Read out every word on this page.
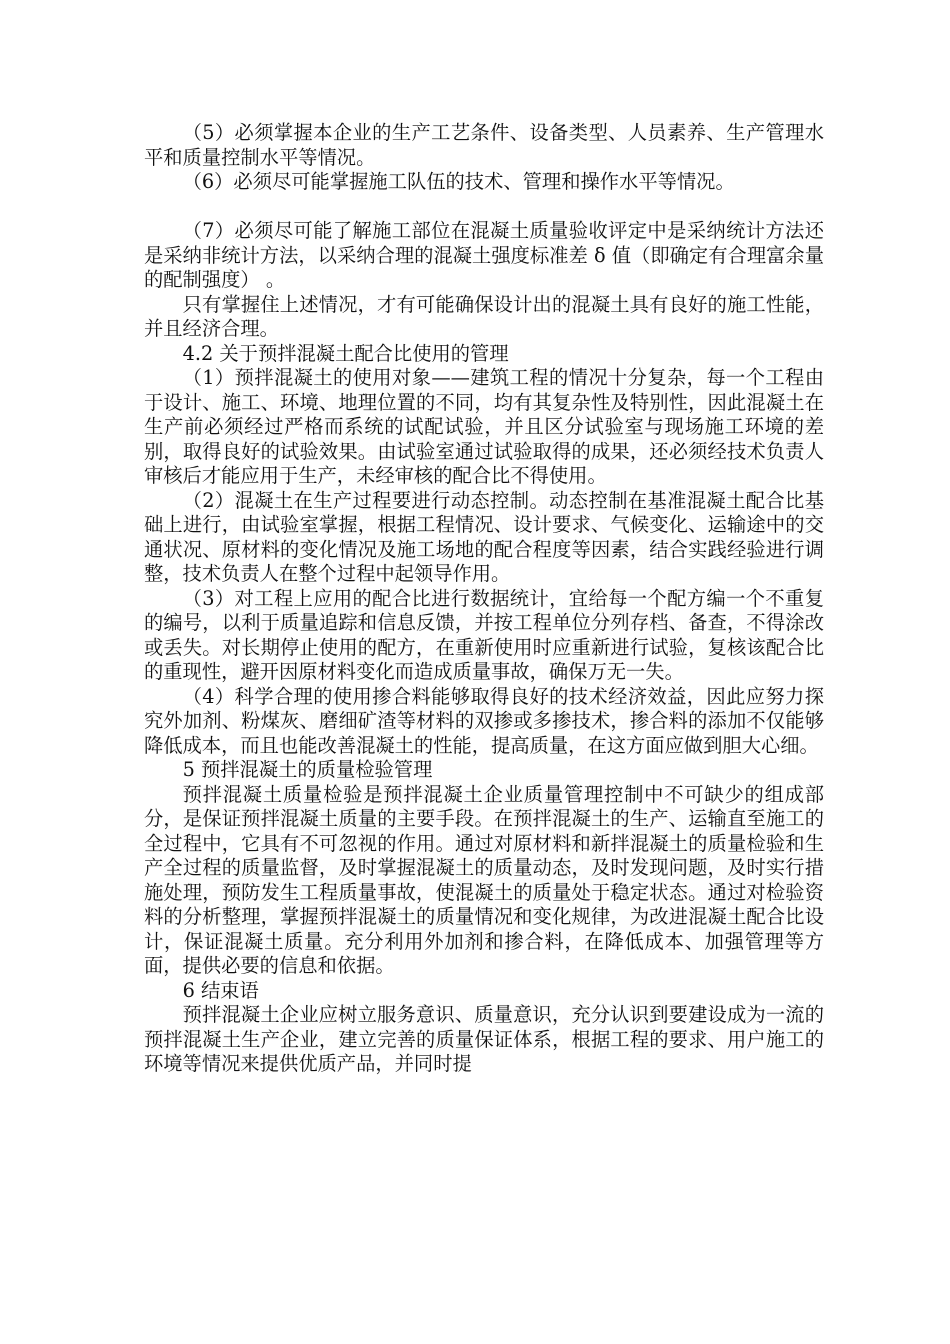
（5）必须掌握本企业的生产工艺条件、设备类型、人员素养、生产管理水平和质量控制水平等情况。

（6）必须尽可能掌握施工队伍的技术、管理和操作水平等情况。

（7）必须尽可能了解施工部位在混凝土质量验收评定中是采纳统计方法还是采纳非统计方法，以采纳合理的混凝土强度标准差 δ 值（即确定有合理富余量的配制强度） 。

只有掌握住上述情况，才有可能确保设计出的混凝土具有良好的施工性能，并且经济合理。

4.2 关于预拌混凝土配合比使用的管理

（1）预拌混凝土的使用对象——建筑工程的情况十分复杂，每一个工程由于设计、施工、环境、地理位置的不同，均有其复杂性及特别性，因此混凝土在生产前必须经过严格而系统的试配试验，并且区分试验室与现场施工环境的差别，取得良好的试验效果。由试验室通过试验取得的成果，还必须经技术负责人审核后才能应用于生产，未经审核的配合比不得使用。

（2）混凝土在生产过程要进行动态控制。动态控制在基准混凝土配合比基础上进行，由试验室掌握，根据工程情况、设计要求、气候变化、运输途中的交通状况、原材料的变化情况及施工场地的配合程度等因素，结合实践经验进行调整，技术负责人在整个过程中起领导作用。

（3）对工程上应用的配合比进行数据统计，宜给每一个配方编一个不重复的编号，以利于质量追踪和信息反馈，并按工程单位分列存档、备查，不得涂改或丢失。对长期停止使用的配方，在重新使用时应重新进行试验，复核该配合比的重现性，避开因原材料变化而造成质量事故，确保万无一失。

（4）科学合理的使用掺合料能够取得良好的技术经济效益，因此应努力探究外加剂、粉煤灰、磨细矿渣等材料的双掺或多掺技术，掺合料的添加不仅能够降低成本，而且也能改善混凝土的性能，提高质量，在这方面应做到胆大心细。

5 预拌混凝土的质量检验管理

预拌混凝土质量检验是预拌混凝土企业质量管理控制中不可缺少的组成部分，是保证预拌混凝土质量的主要手段。在预拌混凝土的生产、运输直至施工的全过程中，它具有不可忽视的作用。通过对原材料和新拌混凝土的质量检验和生产全过程的质量监督，及时掌握混凝土的质量动态，及时发现问题，及时实行措施处理，预防发生工程质量事故，使混凝土的质量处于稳定状态。通过对检验资料的分析整理，掌握预拌混凝土的质量情况和变化规律，为改进混凝土配合比设计，保证混凝土质量。充分利用外加剂和掺合料，在降低成本、加强管理等方面，提供必要的信息和依据。

6 结束语

预拌混凝土企业应树立服务意识、质量意识，充分认识到要建设成为一流的预拌混凝土生产企业，建立完善的质量保证体系，根据工程的要求、用户施工的环境等情况来提供优质产品，并同时提
